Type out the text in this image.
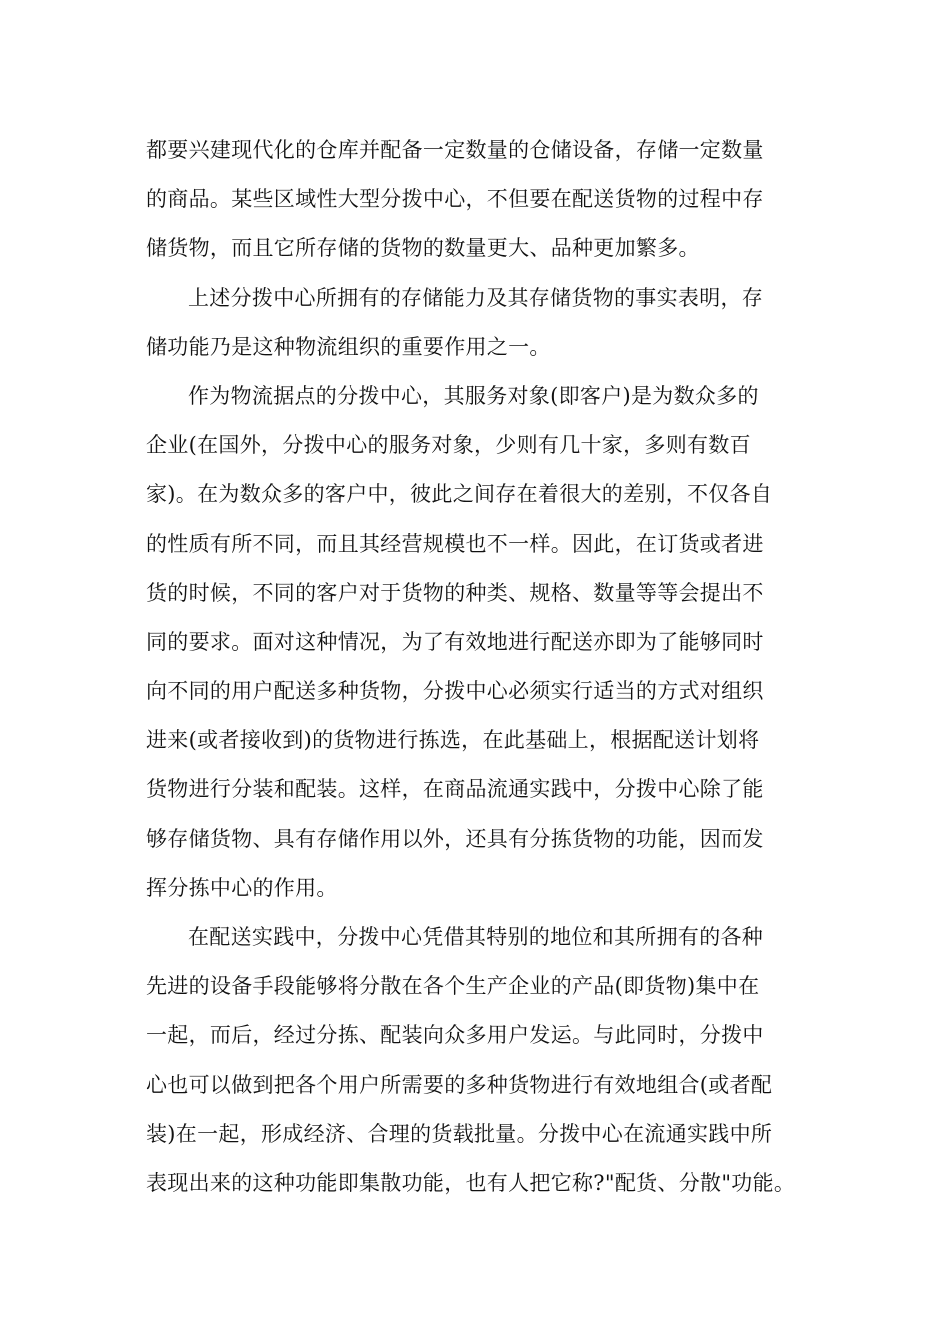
都要兴建现代化的仓库并配备一定数量的仓储设备，存储一定数量
的商品。某些区域性大型分拨中心，不但要在配送货物的过程中存
储货物，而且它所存储的货物的数量更大、品种更加繁多。
上述分拨中心所拥有的存储能力及其存储货物的事实表明，存
储功能乃是这种物流组织的重要作用之一。
作为物流据点的分拨中心，其服务对象(即客户)是为数众多的
企业(在国外，分拨中心的服务对象，少则有几十家，多则有数百
家)。在为数众多的客户中，彼此之间存在着很大的差别，不仅各自
的性质有所不同，而且其经营规模也不一样。因此，在订货或者进
货的时候，不同的客户对于货物的种类、规格、数量等等会提出不
同的要求。面对这种情况，为了有效地进行配送亦即为了能够同时
向不同的用户配送多种货物，分拨中心必须实行适当的方式对组织
进来(或者接收到)的货物进行拣选，在此基础上，根据配送计划将
货物进行分装和配装。这样，在商品流通实践中，分拨中心除了能
够存储货物、具有存储作用以外，还具有分拣货物的功能，因而发
挥分拣中心的作用。
在配送实践中，分拨中心凭借其特别的地位和其所拥有的各种
先进的设备手段能够将分散在各个生产企业的产品(即货物)集中在
一起，而后，经过分拣、配装向众多用户发运。与此同时，分拨中
心也可以做到把各个用户所需要的多种货物进行有效地组合(或者配
装)在一起，形成经济、合理的货载批量。分拨中心在流通实践中所
表现出来的这种功能即集散功能，也有人把它称?"配货、分散"功能。
